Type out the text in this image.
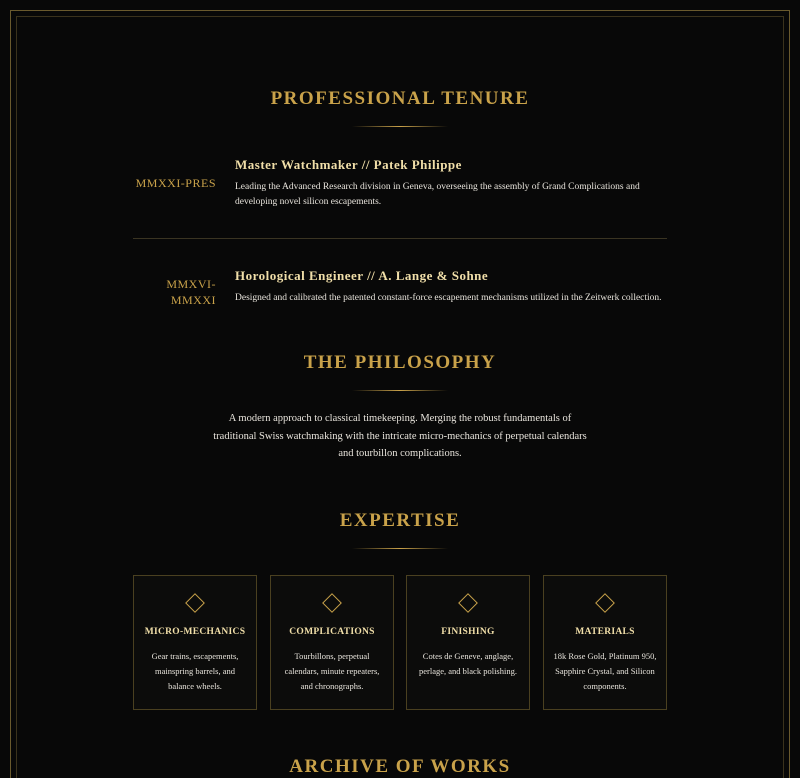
PROFESSIONAL TENURE
MMXXI-PRES
Master Watchmaker // Patek Philippe
Leading the Advanced Research division in Geneva, overseeing the assembly of Grand Complications and developing novel silicon escapements.
MMXVI-MMXXI
Horological Engineer // A. Lange & Sohne
Designed and calibrated the patented constant-force escapement mechanisms utilized in the Zeitwerk collection.
THE PHILOSOPHY
A modern approach to classical timekeeping. Merging the robust fundamentals of traditional Swiss watchmaking with the intricate micro-mechanics of perpetual calendars and tourbillon complications.
EXPERTISE
MICRO-MECHANICS
Gear trains, escapements, mainspring barrels, and balance wheels.
COMPLICATIONS
Tourbillons, perpetual calendars, minute repeaters, and chronographs.
FINISHING
Cotes de Geneve, anglage, perlage, and black polishing.
MATERIALS
18k Rose Gold, Platinum 950, Sapphire Crystal, and Silicon components.
ARCHIVE OF WORKS
